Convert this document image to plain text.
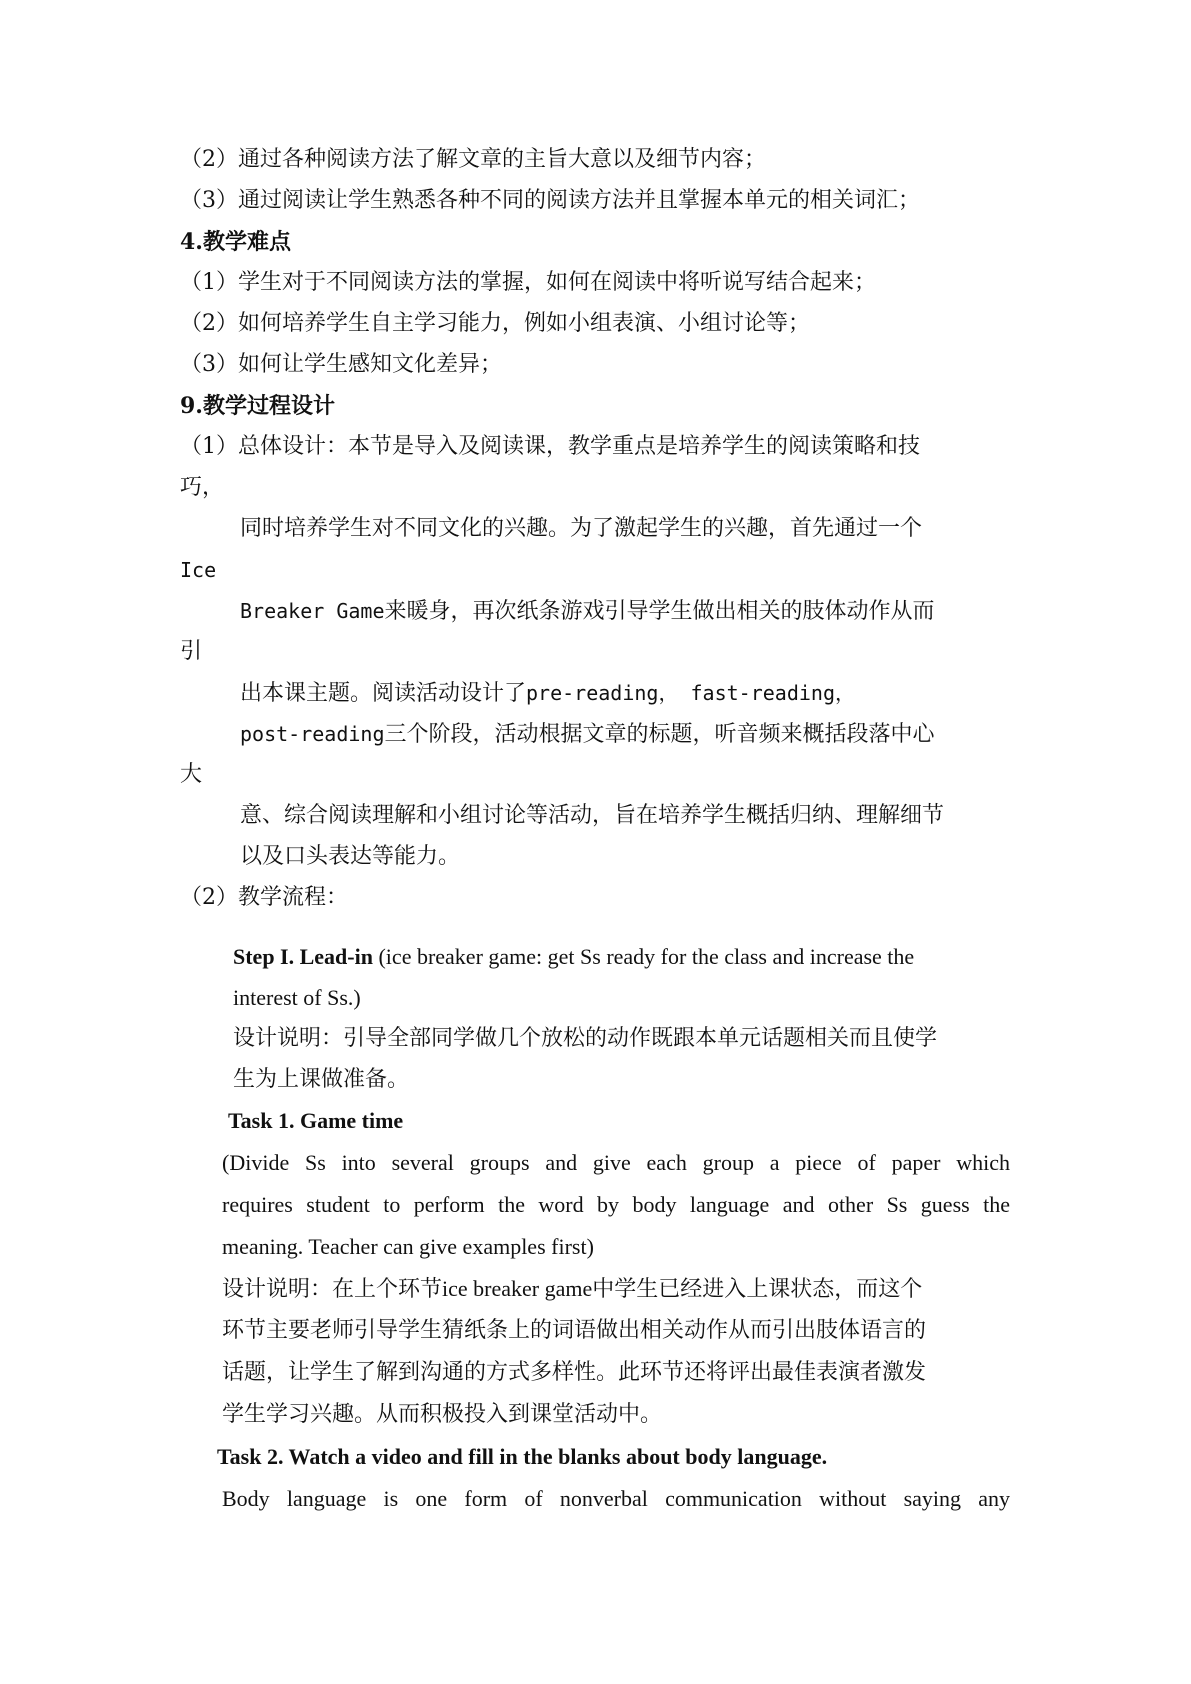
（2）通过各种阅读方法了解文章的主旨大意以及细节内容；
（3）通过阅读让学生熟悉各种不同的阅读方法并且掌握本单元的相关词汇；
4.教学难点
（1）学生对于不同阅读方法的掌握，如何在阅读中将听说写结合起来；
（2）如何培养学生自主学习能力，例如小组表演、小组讨论等；
（3）如何让学生感知文化差异；
9.教学过程设计
（1）总体设计：本节是导入及阅读课，教学重点是培养学生的阅读策略和技
巧，
同时培养学生对不同文化的兴趣。为了激起学生的兴趣，首先通过一个
Ice
Breaker Game来暖身，再次纸条游戏引导学生做出相关的肢体动作从而
引
出本课主题。阅读活动设计了pre-reading， fast-reading，
post-reading三个阶段，活动根据文章的标题，听音频来概括段落中心
大
意、综合阅读理解和小组讨论等活动，旨在培养学生概括归纳、理解细节
以及口头表达等能力。
（2）教学流程：
Step I. Lead-in (ice breaker game: get Ss ready for the class and increase the
interest of Ss.)
设计说明：引导全部同学做几个放松的动作既跟本单元话题相关而且使学
生为上课做准备。
Task 1. Game time
(Divide Ss into several groups and give each group a piece of paper which
requires student to perform the word by body language and other Ss guess the
meaning. Teacher can give examples first)
设计说明：在上个环节ice breaker game中学生已经进入上课状态，而这个
环节主要老师引导学生猜纸条上的词语做出相关动作从而引出肢体语言的
话题，让学生了解到沟通的方式多样性。此环节还将评出最佳表演者激发
学生学习兴趣。从而积极投入到课堂活动中。
Task 2. Watch a video and fill in the blanks about body language.
Body language is one form of nonverbal communication without saying any
